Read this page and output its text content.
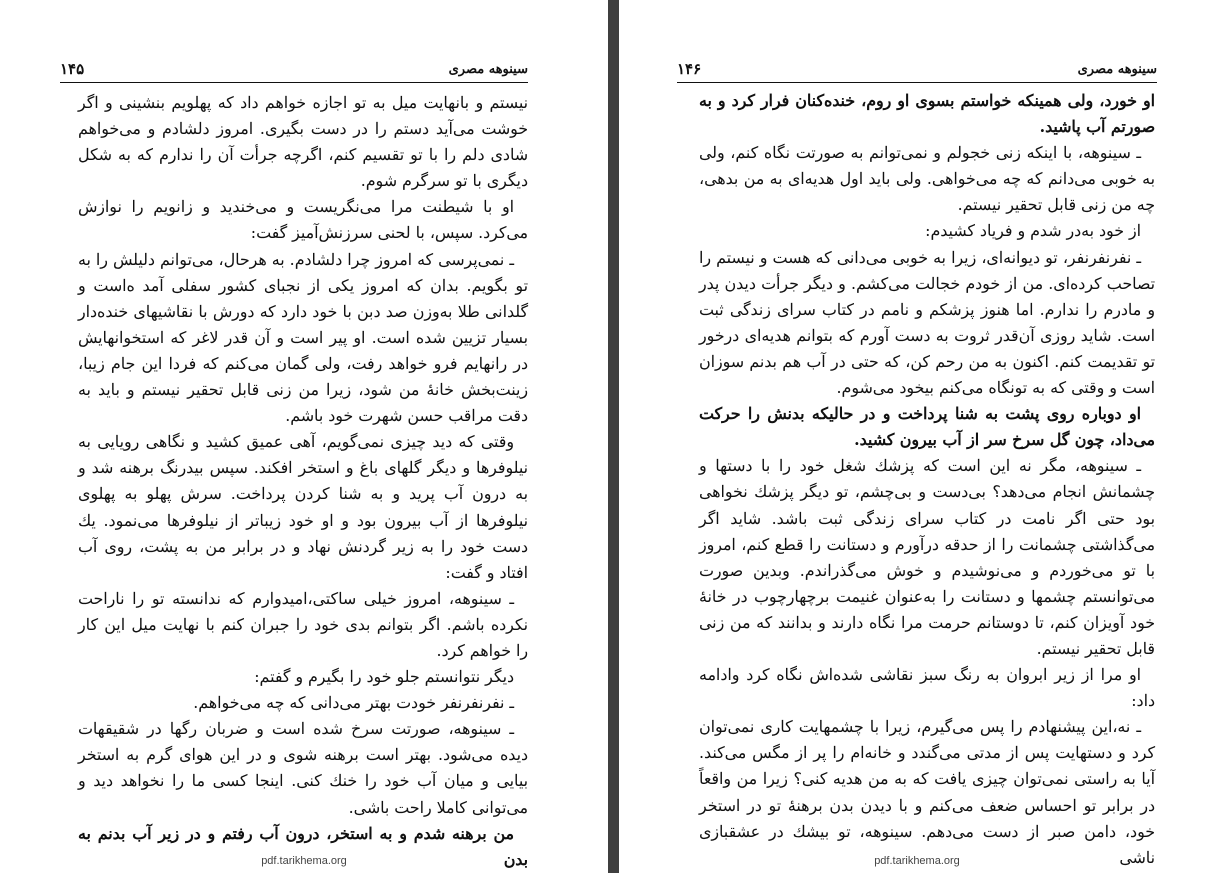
سینوهه مصری
۱۴۵

نیستم و بانهایت میل به تو اجازه خواهم داد که پهلویم بنشینی و اگر خوشت می‌آید دستم را در دست بگیری. امروز دلشادم و می‌خواهم شادی دلم را با تو تقسیم کنم، اگرچه جرأت آن را ندارم که به شکل دیگری با تو سرگرم شوم.

او با شیطنت مرا می‌نگریست و می‌خندید و زانویم را نوازش می‌کرد. سپس، با لحنی سرزنش‌آمیز گفت:

ـ نمی‌پرسی که امروز چرا دلشادم. به هرحال، می‌توانم دلیلش را به تو بگویم. بدان که امروز یکی از نجبای کشور سفلی آمد ه‌است و گلدانی طلا به‌وزن صد دبن با خود دارد که دورش با نقاشیهای خنده‌دار بسیار تزیین شده است. او پیر است و آن قدر لاغر که استخوانهایش در رانهایم فرو خواهد رفت، ولی گمان می‌کنم که فردا این جام زیبا، زینت‌بخش خانهٔ من شود، زیرا من زنی قابل تحقیر نیستم و باید به دقت مراقب حسن شهرت خود باشم.

وقتی که دید چیزی نمی‌گویم، آهی عمیق کشید و نگاهی رویایی به نیلوفرها و دیگر گلهای باغ و استخر افکند. سپس بیدرنگ برهنه شد و به درون آب پرید و به شنا کردن پرداخت. سرش پهلو به پهلوی نیلوفرها از آب بیرون بود و او خود زیباتر از نیلوفرها می‌نمود. یك دست خود را به زیر گردنش نهاد و در برابر من به پشت، روی آب افتاد و گفت:

ـ سینوهه، امروز خیلی ساکتی،امیدوارم که ندانسته تو را ناراحت نکرده باشم. اگر بتوانم بدی خود را جبران کنم با نهایت میل این کار را خواهم کرد.

دیگر نتوانستم جلو خود را بگیرم و گفتم:

ـ نفرنفرنفر خودت بهتر می‌دانی که چه می‌خواهم.

ـ سینوهه، صورتت سرخ شده است و ضربان رگها در شقیقهات دیده می‌شود. بهتر است برهنه شوی و در این هوای گرم به استخر بیایی و میان آب خود را خنك کنی. اینجا کسی ما را نخواهد دید و می‌توانی کاملا راحت باشی.

من برهنه شدم و به استخر، درون آب رفتم و در زیر آب بدنم به بدن

pdf.tarikhema.org
سینوهه مصری
۱۴۶

او خورد، ولی همینکه خواستم بسوی او روم، خنده‌کنان فرار کرد و به صورتم آب پاشید.

ـ سینوهه، با اینکه زنی خجولم و نمی‌توانم به صورتت نگاه کنم، ولی به خوبی می‌دانم که چه می‌خواهی. ولی باید اول هدیه‌ای به من بدهی، چه من زنی قابل تحقیر نیستم.

از خود به‌در شدم و فریاد کشیدم:

ـ نفرنفرنفر، تو دیوانه‌ای، زیرا به خوبی می‌دانی که هست و نیستم را تصاحب کرده‌ای. من از خودم خجالت می‌کشم. و دیگر جرأت دیدن پدر و مادرم را ندارم. اما هنوز پزشکم و نامم در کتاب سرای زندگی ثبت است. شاید روزی آن‌قدر ثروت به دست آورم که بتوانم هدیه‌ای درخور تو تقدیمت کنم. اکنون به من رحم کن، که حتی در آب هم بدنم سوزان است و وقتی که به تونگاه می‌کنم بیخود می‌شوم.

او دوباره روی پشت به شنا پرداخت و در حالیکه بدنش را حرکت می‌داد، چون گل سرخ سر از آب بیرون کشید.

ـ سینوهه، مگر نه این است که پزشك شغل خود را با دستها و چشمانش انجام می‌دهد؟ بی‌دست و بی‌چشم، تو دیگر پزشك نخواهی بود حتی اگر نامت در کتاب سرای زندگی ثبت باشد. شاید اگر می‌گذاشتی چشمانت را از حدقه درآورم و دستانت را قطع کنم، امروز با تو می‌خوردم و می‌نوشیدم و خوش می‌گذراندم. وبدین صورت می‌توانستم چشمها و دستانت را به‌عنوان غنیمت برچهارچوب در خانهٔ خود آویزان کنم، تا دوستانم حرمت مرا نگاه دارند و بدانند که من زنی قابل تحقیر نیستم.

او مرا از زیر ابروان به رنگ سبز نقاشی شده‌اش نگاه کرد وادامه داد:

ـ نه،این پیشنهادم را پس می‌گیرم، زیرا با چشمهایت کاری نمی‌توان کرد و دستهایت پس از مدتی می‌گندد و خانه‌ام را پر از مگس می‌کند. آیا به راستی نمی‌توان چیزی یافت که به من هدیه کنی؟ زیرا من واقعاً در برابر تو احساس ضعف می‌کنم و با دیدن بدن برهنهٔ تو در استخر خود، دامن صبر از دست می‌دهم. سینوهه، تو بیشك در عشقبازی ناشی

pdf.tarikhema.org
